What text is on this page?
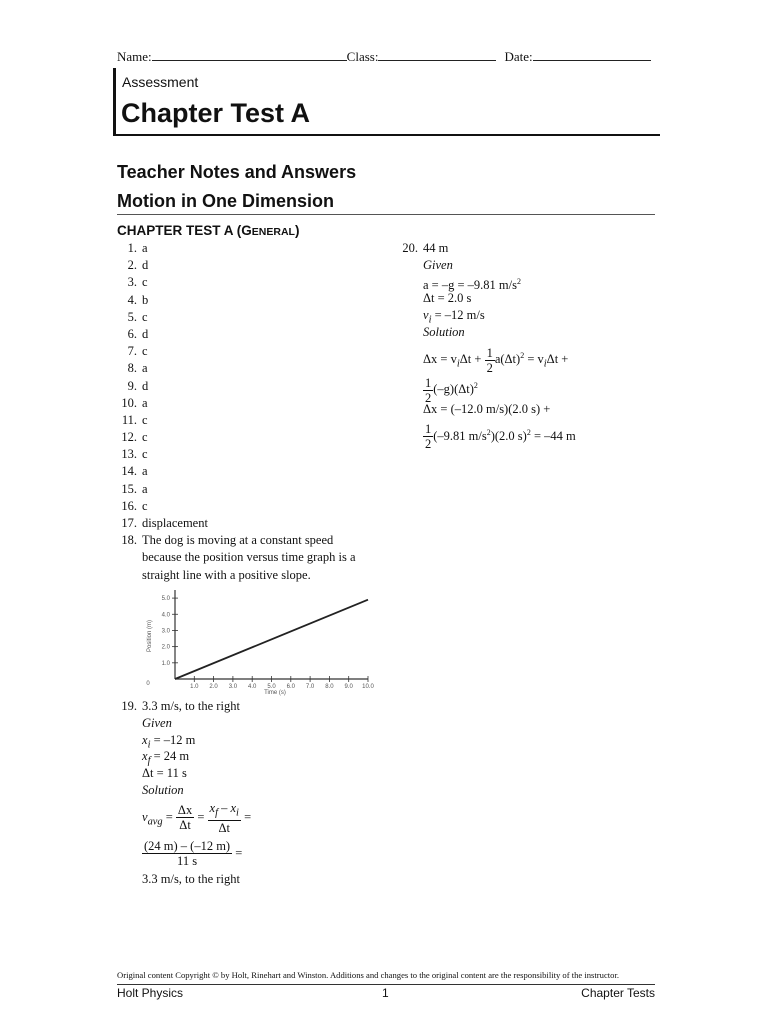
Name:	Class:	Date:
Assessment
Chapter Test A
Teacher Notes and Answers
Motion in One Dimension
CHAPTER TEST A (GENERAL)
1. a
2. d
3. c
4. b
5. c
6. d
7. c
8. a
9. d
10. a
11. c
12. c
13. c
14. a
15. a
16. c
17. displacement
18. The dog is moving at a constant speed
because the position versus time graph is a
straight line with a positive slope.
5.0
4.0
3.0
2.0
1.0
1.0 2.0 3.0 4.0 5.0 6.0 7.0 8.0 9.0 10.0
Position (m)
Time (s)
0
19. 3.3 m/s, to the right
Given
$x_i = -12$ m
$x_f = 24$ m
Δt = 11 s
Solution
$v_{avg} = \frac{\Delta x}{\Delta t} = \frac{x_f - x_i}{\Delta t}$ =
$\frac{(24 m) - (-12 m)}{11 s}$ =
3.3 m/s, to the right
20. 44 m
Given
a = –g = –9.81 $m/s^2$
Δt = 2.0 s
$v_i = -12$ m/s
Solution
$\Delta x = v_i\Delta t + \frac{1}{2} a(\Delta t)^2 = v_i\Delta t$ +
$\frac{1}{2} (-g)(\Delta t)^2$
Δx = (–12.0 m/s)(2.0 s) +
$\frac{1}{2} (-9.81$ $m/s^2)(2.0$ s)$^2$ = –44 m
Original content Copyright © by Holt, Rinehart and Winston. Additions and changes to the original content are the responsibility of the instructor.
Holt Physics	1	Chapter Tests
